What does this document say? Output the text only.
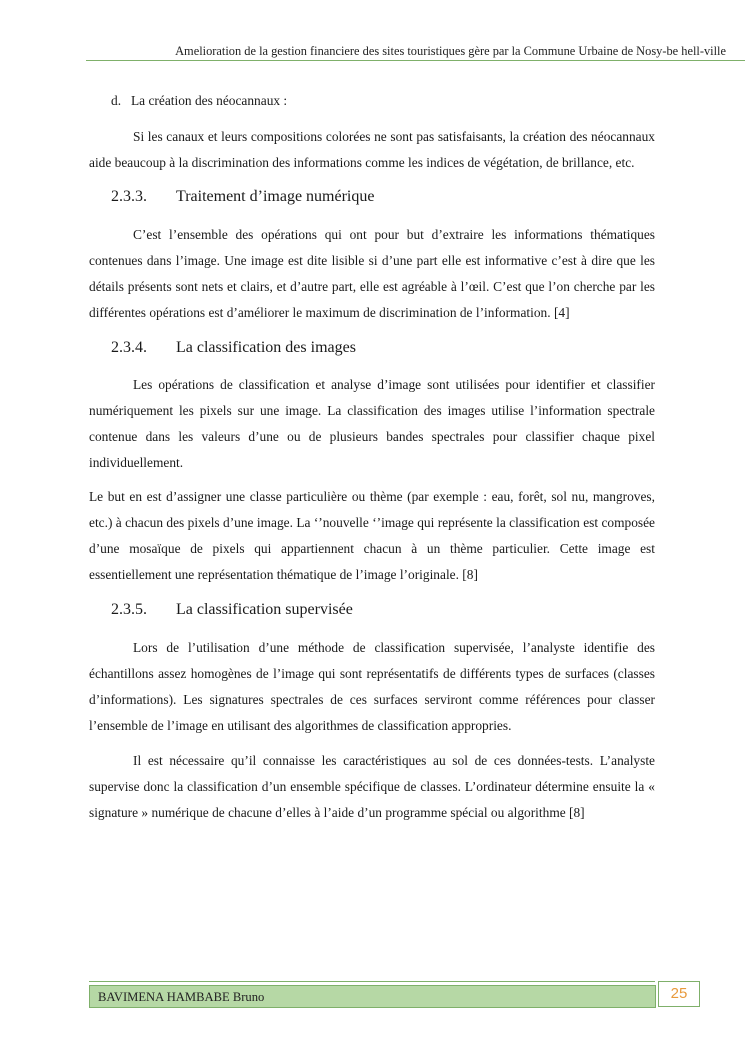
Amelioration de la gestion financiere des sites touristiques gère par la Commune Urbaine de Nosy-be hell-ville

d. La création des néocannaux :

Si les canaux et leurs compositions colorées ne sont pas satisfaisants, la création des néocannaux aide beaucoup à la discrimination des informations comme les indices de végétation, de brillance, etc.

2.3.3. Traitement d’image numérique

C’est l’ensemble des opérations qui ont pour but d’extraire les informations thématiques contenues dans l’image. Une image est dite lisible si d’une part elle est informative c’est à dire que les détails présents sont nets et clairs, et d’autre part, elle est agréable à l’œil. C’est que l’on cherche par les différentes opérations est d’améliorer le maximum de discrimination de l’information. [4]

2.3.4. La classification des images

Les opérations de classification et analyse d’image sont utilisées pour identifier et classifier numériquement les pixels sur une image. La classification des images utilise l’information spectrale contenue dans les valeurs d’une ou de plusieurs bandes spectrales pour classifier chaque pixel individuellement.

Le but en est d’assigner une classe particulière ou thème (par exemple : eau, forêt, sol nu, mangroves, etc.) à chacun des pixels d’une image. La ‘’nouvelle ‘’image qui représente la classification est composée d’une mosaïque de pixels qui appartiennent chacun à un thème particulier. Cette image est essentiellement une représentation thématique de l’image l’originale. [8]

2.3.5. La classification supervisée

Lors de l’utilisation d’une méthode de classification supervisée, l’analyste identifie des échantillons assez homogènes de l’image qui sont représentatifs de différents types de surfaces (classes d’informations). Les signatures spectrales de ces surfaces serviront comme références pour classer l’ensemble de l’image en utilisant des algorithmes de classification appropries.

Il est nécessaire qu’il connaisse les caractéristiques au sol de ces données-tests. L’analyste supervise donc la classification d’un ensemble spécifique de classes. L’ordinateur détermine ensuite la « signature » numérique de chacune d’elles à l’aide d’un programme spécial ou algorithme [8]

BAVIMENA HAMBABE Bruno	25
